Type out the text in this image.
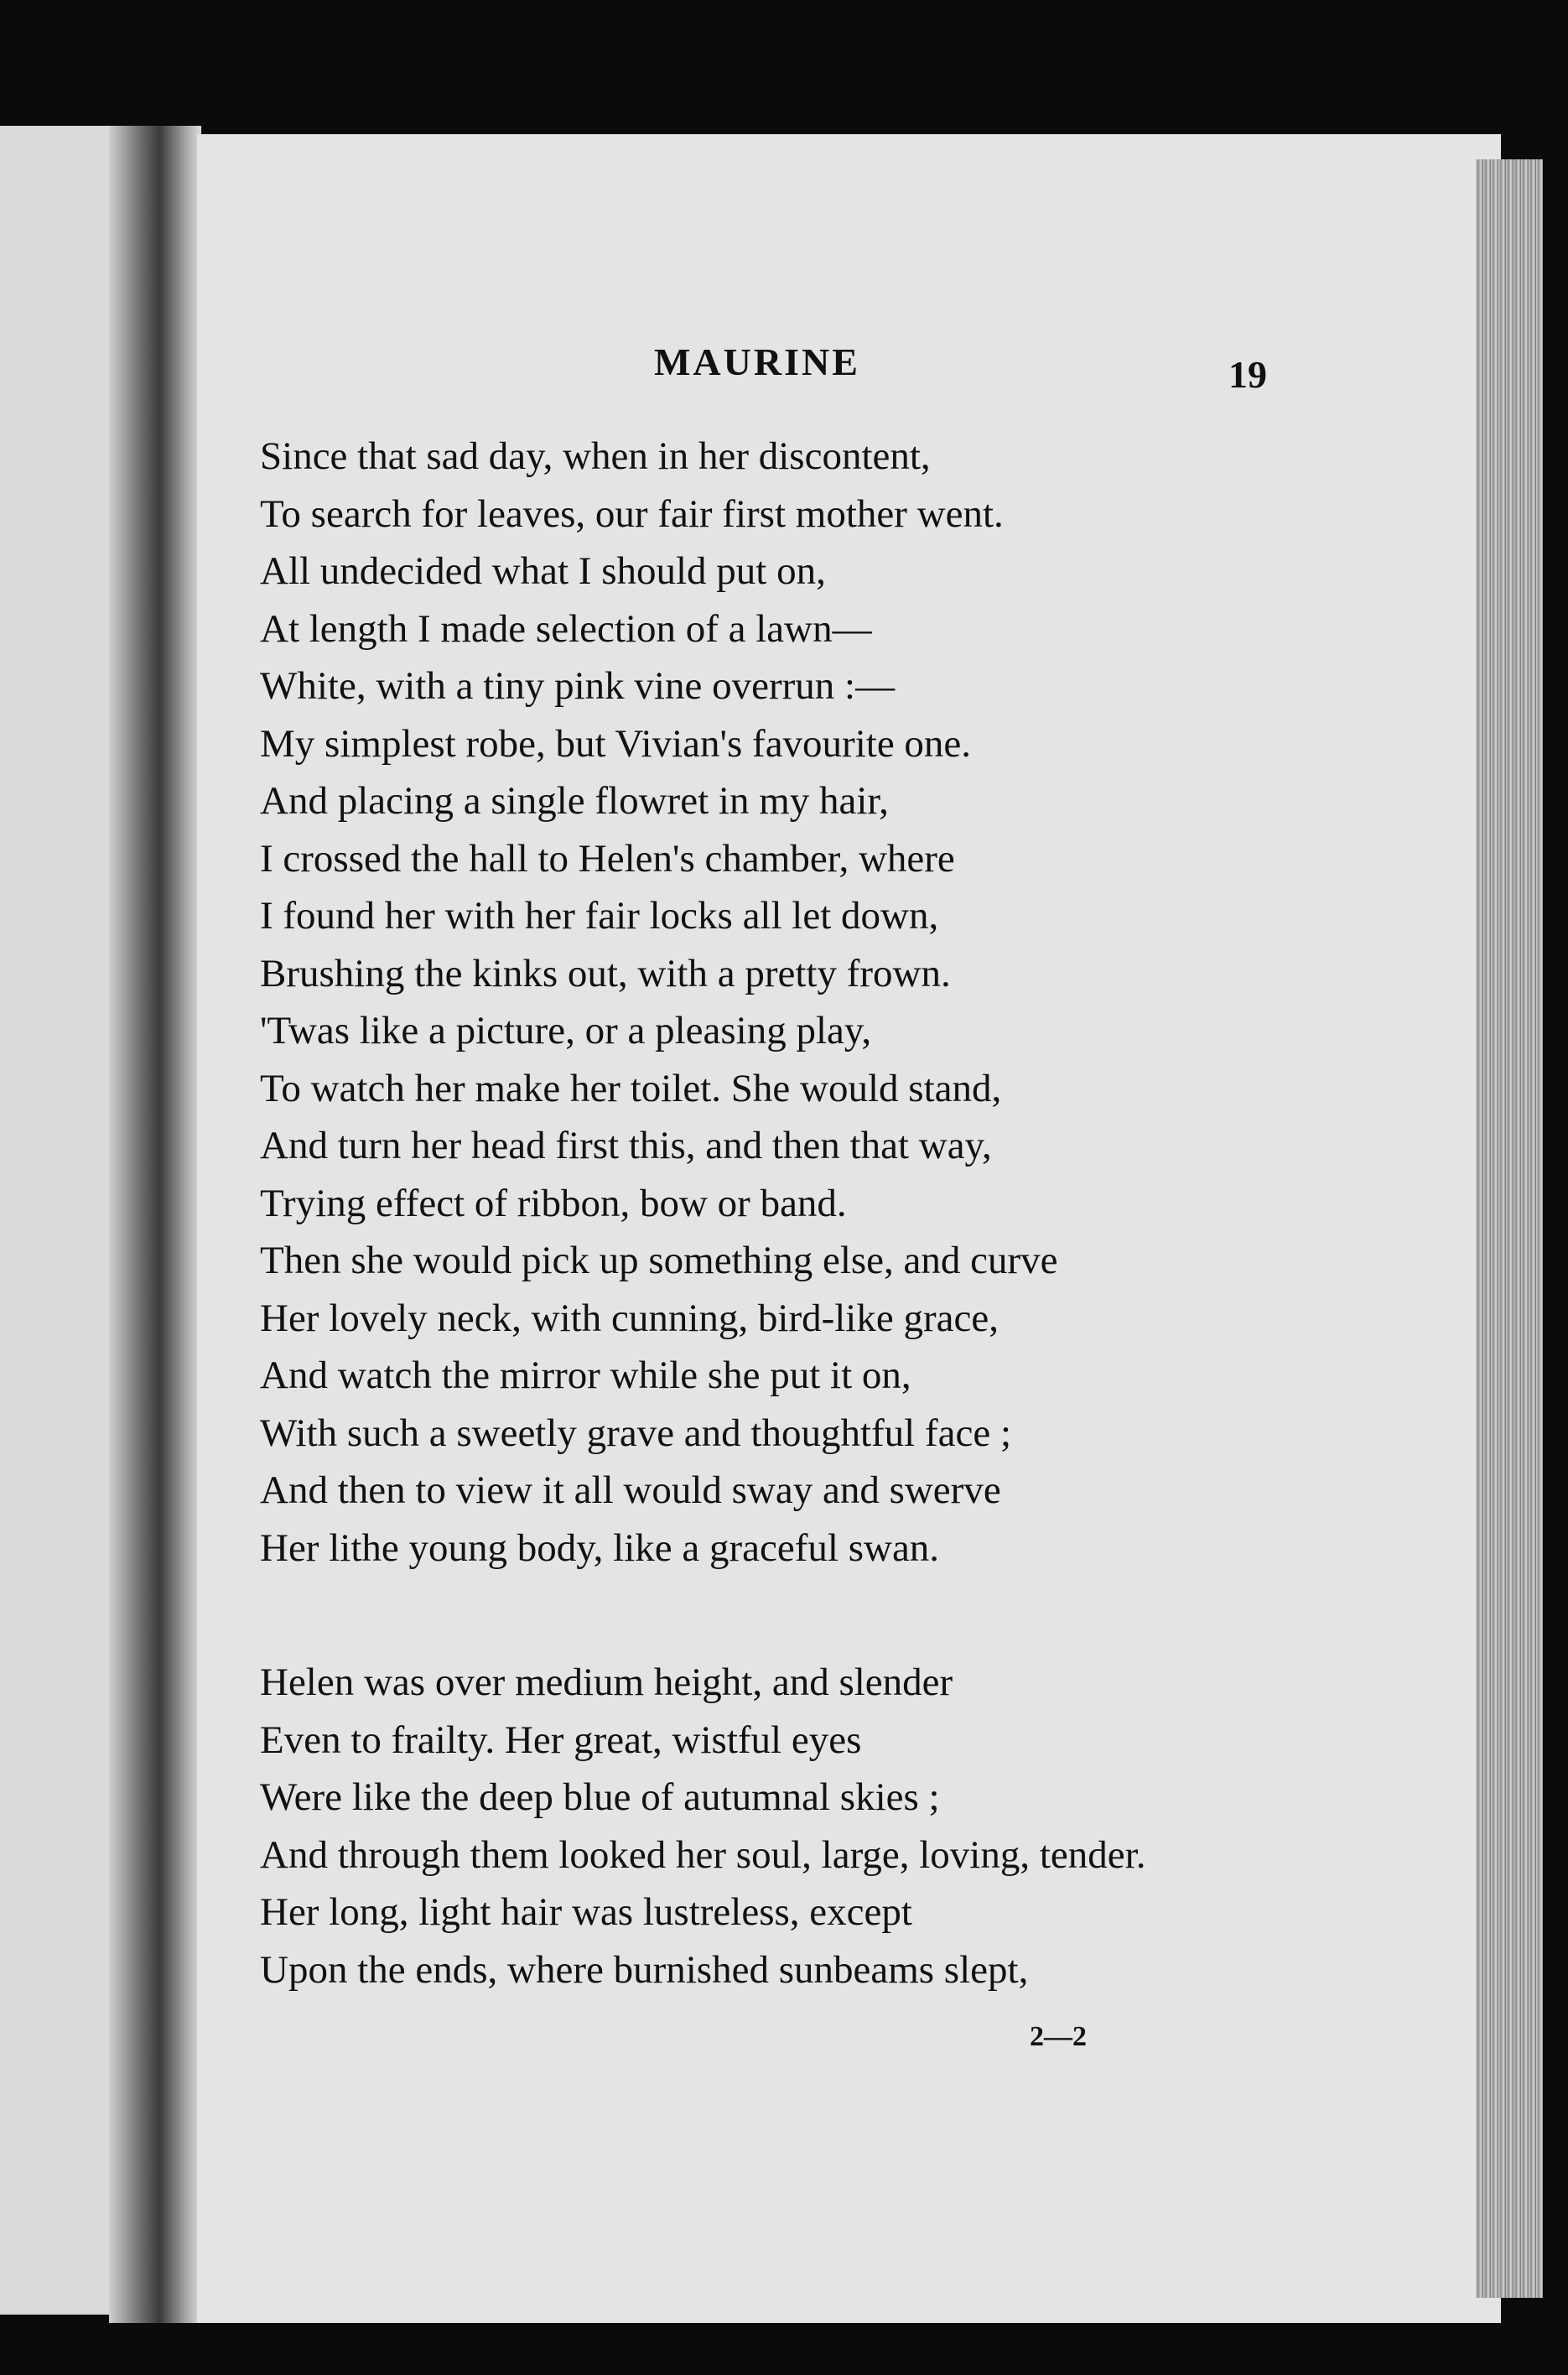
MAURINE	19
Since that sad day, when in her discontent,
To search for leaves, our fair first mother went.
All undecided what I should put on,
At length I made selection of a lawn—
White, with a tiny pink vine overrun :—
My simplest robe, but Vivian's favourite one.
And placing a single flowret in my hair,
I crossed the hall to Helen's chamber, where
I found her with her fair locks all let down,
Brushing the kinks out, with a pretty frown.
'Twas like a picture, or a pleasing play,
To watch her make her toilet. She would stand,
And turn her head first this, and then that way,
Trying effect of ribbon, bow or band.
Then she would pick up something else, and curve
Her lovely neck, with cunning, bird-like grace,
And watch the mirror while she put it on,
With such a sweetly grave and thoughtful face ;
And then to view it all would sway and swerve
Her lithe young body, like a graceful swan.
Helen was over medium height, and slender
Even to frailty. Her great, wistful eyes
Were like the deep blue of autumnal skies ;
And through them looked her soul, large, loving, tender.
Her long, light hair was lustreless, except
Upon the ends, where burnished sunbeams slept,
2—2
